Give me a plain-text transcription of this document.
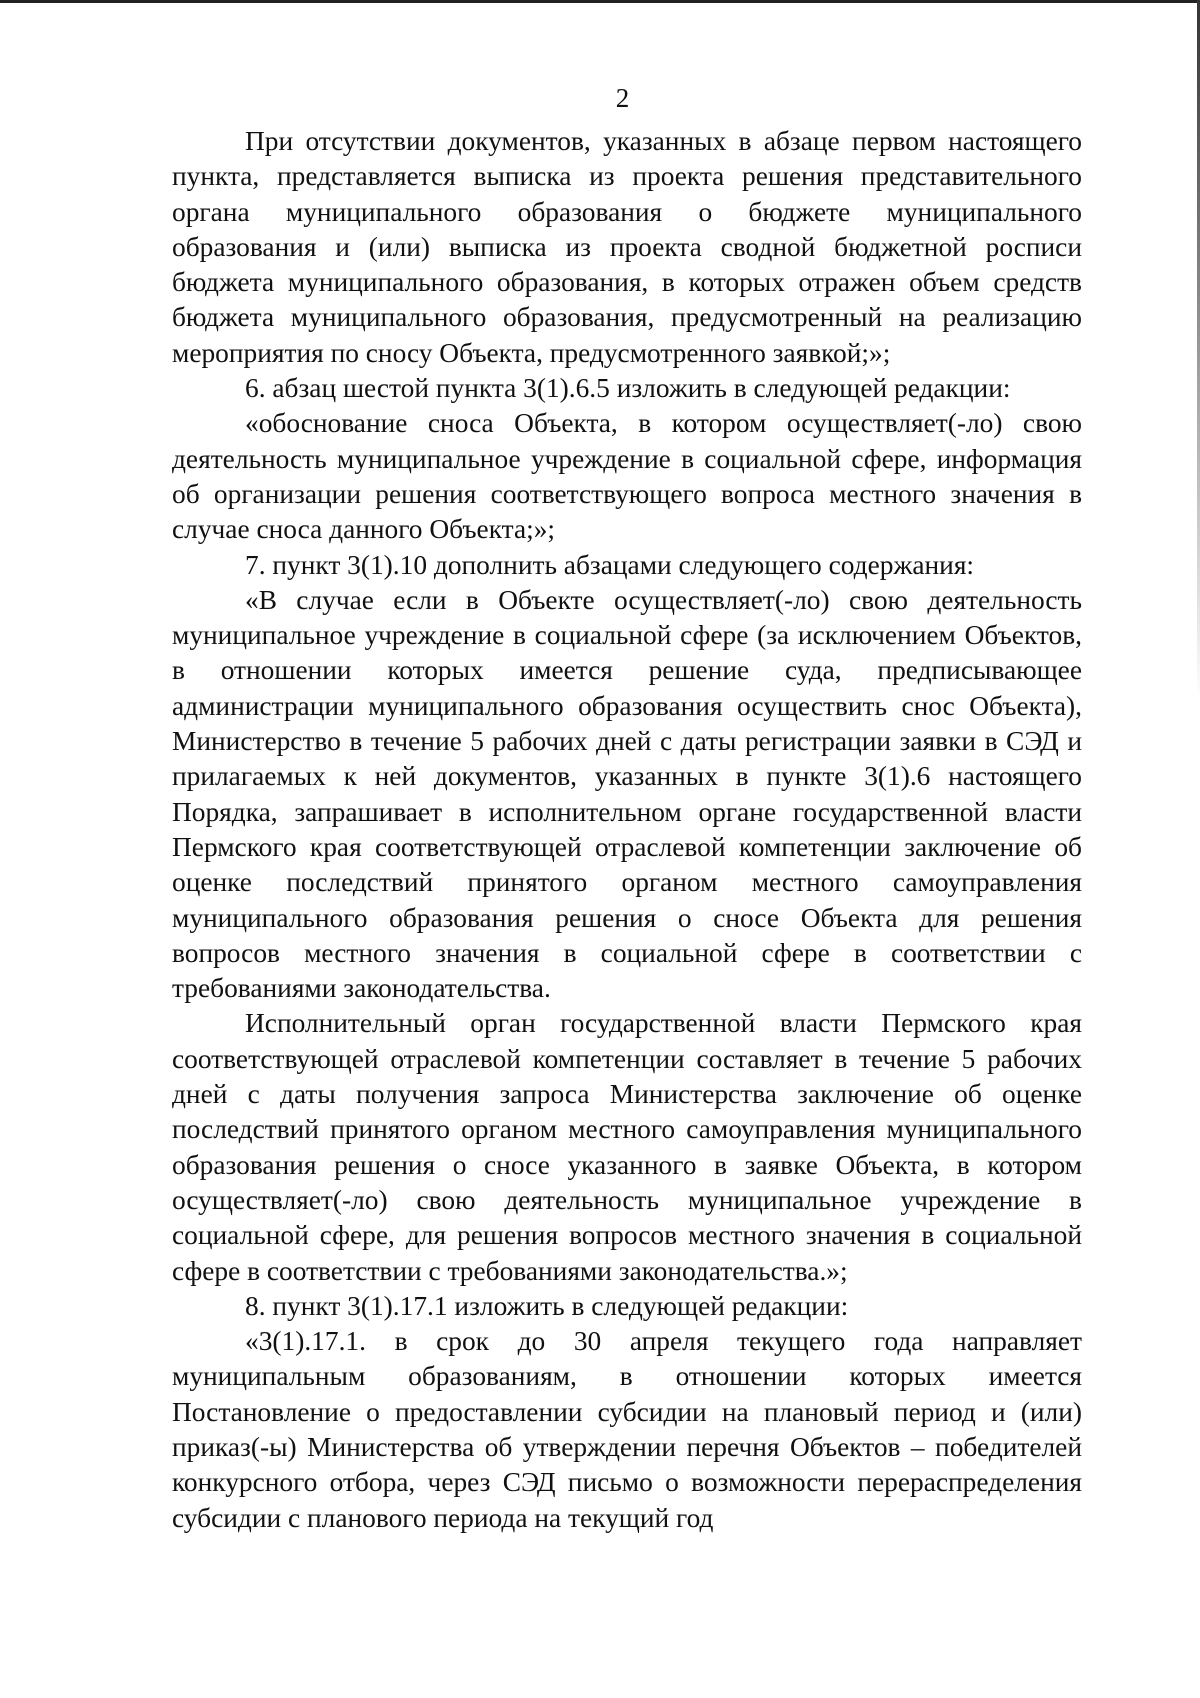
2

При отсутствии документов, указанных в абзаце первом настоящего пункта, представляется выписка из проекта решения представительного органа муниципального образования о бюджете муниципального образования и (или) выписка из проекта сводной бюджетной росписи бюджета муниципального образования, в которых отражен объем средств бюджета муниципального образования, предусмотренный на реализацию мероприятия по сносу Объекта, предусмотренного заявкой;»;

6. абзац шестой пункта 3(1).6.5 изложить в следующей редакции:

«обоснование сноса Объекта, в котором осуществляет(-ло) свою деятельность муниципальное учреждение в социальной сфере, информация об организации решения соответствующего вопроса местного значения в случае сноса данного Объекта;»;

7. пункт 3(1).10 дополнить абзацами следующего содержания:

«В случае если в Объекте осуществляет(-ло) свою деятельность муниципальное учреждение в социальной сфере (за исключением Объектов, в отношении которых имеется решение суда, предписывающее администрации муниципального образования осуществить снос Объекта), Министерство в течение 5 рабочих дней с даты регистрации заявки в СЭД и прилагаемых к ней документов, указанных в пункте 3(1).6 настоящего Порядка, запрашивает в исполнительном органе государственной власти Пермского края соответствующей отраслевой компетенции заключение об оценке последствий принятого органом местного самоуправления муниципального образования решения о сносе Объекта для решения вопросов местного значения в социальной сфере в соответствии с требованиями законодательства.

Исполнительный орган государственной власти Пермского края соответствующей отраслевой компетенции составляет в течение 5 рабочих дней с даты получения запроса Министерства заключение об оценке последствий принятого органом местного самоуправления муниципального образования решения о сносе указанного в заявке Объекта, в котором осуществляет(-ло) свою деятельность муниципальное учреждение в социальной сфере, для решения вопросов местного значения в социальной сфере в соответствии с требованиями законодательства.»;

8. пункт 3(1).17.1 изложить в следующей редакции:

«3(1).17.1. в срок до 30 апреля текущего года направляет муниципальным образованиям, в отношении которых имеется Постановление о предоставлении субсидии на плановый период и (или) приказ(-ы) Министерства об утверждении перечня Объектов – победителей конкурсного отбора, через СЭД письмо о возможности перераспределения субсидии с планового периода на текущий год
